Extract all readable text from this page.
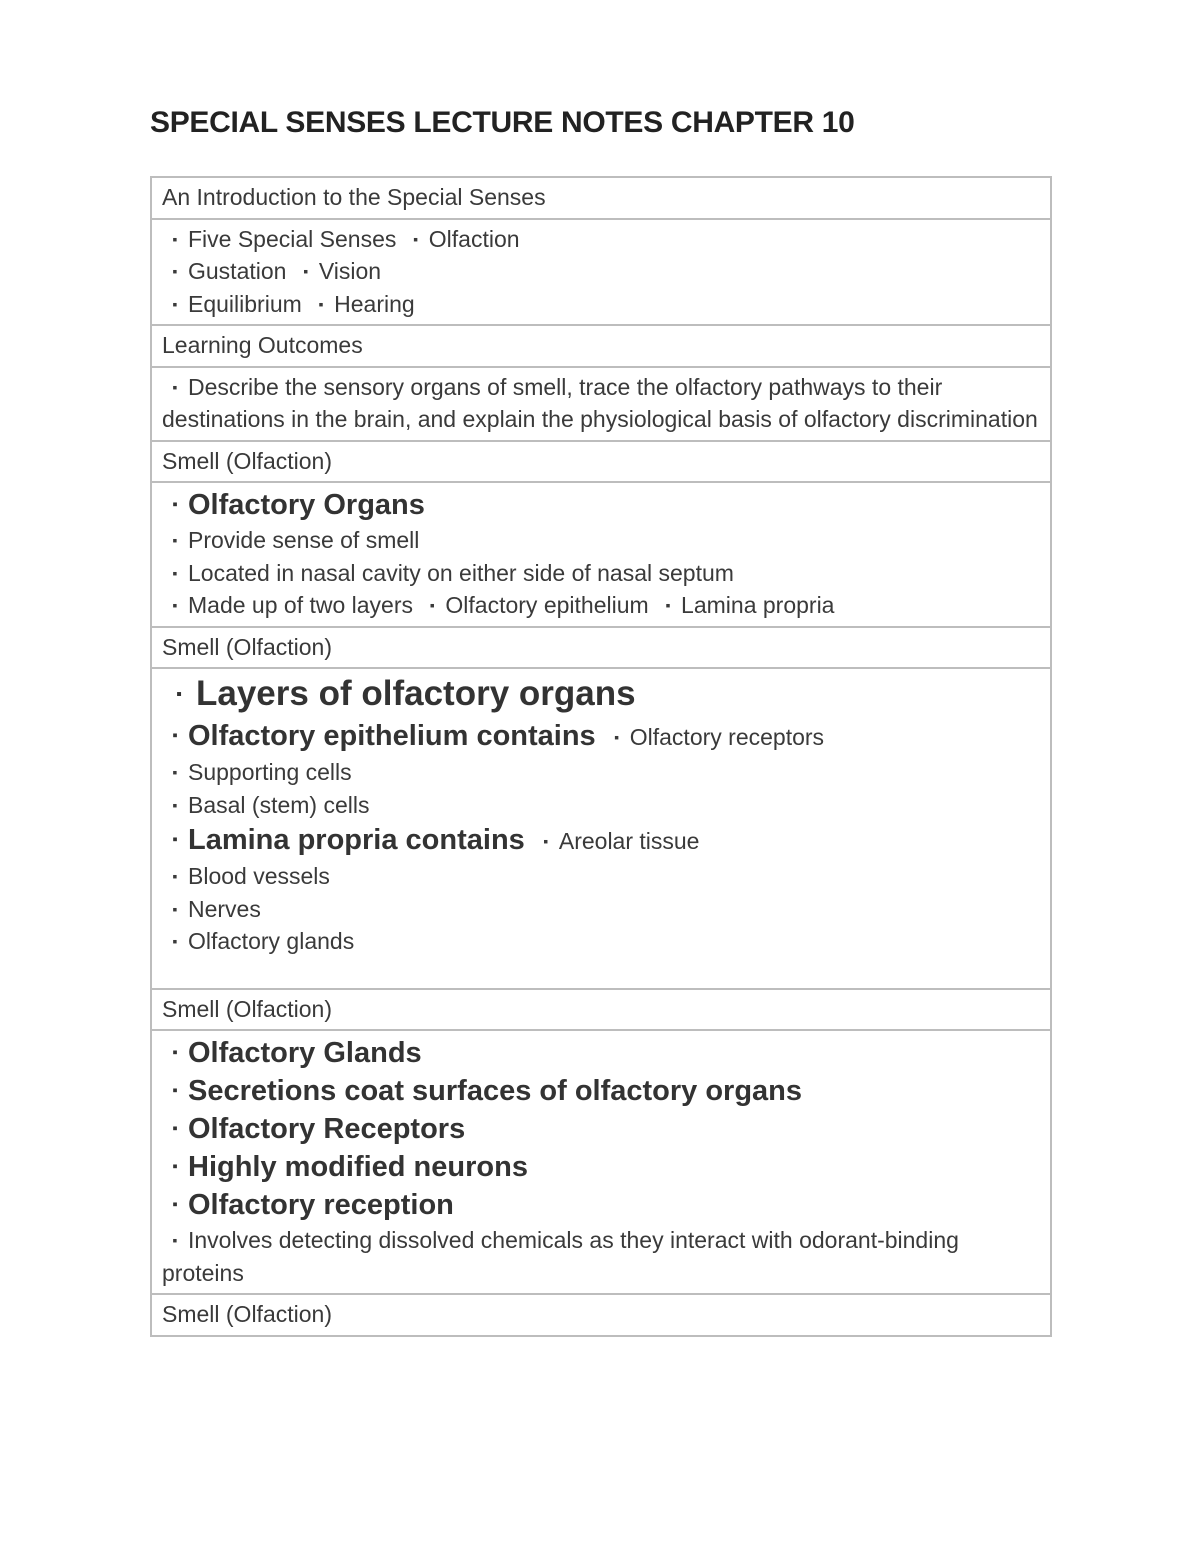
SPECIAL SENSES LECTURE NOTES CHAPTER 10
An Introduction to the Special Senses

▪ Five Special Senses ▪ Olfaction
▪ Gustation ▪ Vision
▪ Equilibrium ▪ Hearing

Learning Outcomes

▪ Describe the sensory organs of smell, trace the olfactory pathways to their destinations in the brain, and explain the physiological basis of olfactory discrimination

Smell (Olfaction)

▪ Olfactory Organs
▪ Provide sense of smell
▪ Located in nasal cavity on either side of nasal septum
▪ Made up of two layers ▪ Olfactory epithelium ▪ Lamina propria

Smell (Olfaction)

▪ Layers of olfactory organs
▪ Olfactory epithelium contains ▪ Olfactory receptors
▪ Supporting cells
▪ Basal (stem) cells
▪ Lamina propria contains ▪ Areolar tissue
▪ Blood vessels
▪ Nerves
▪ Olfactory glands

Smell (Olfaction)

▪ Olfactory Glands
▪ Secretions coat surfaces of olfactory organs
▪ Olfactory Receptors
▪ Highly modified neurons
▪ Olfactory reception
▪ Involves detecting dissolved chemicals as they interact with odorant-binding proteins

Smell (Olfaction)
